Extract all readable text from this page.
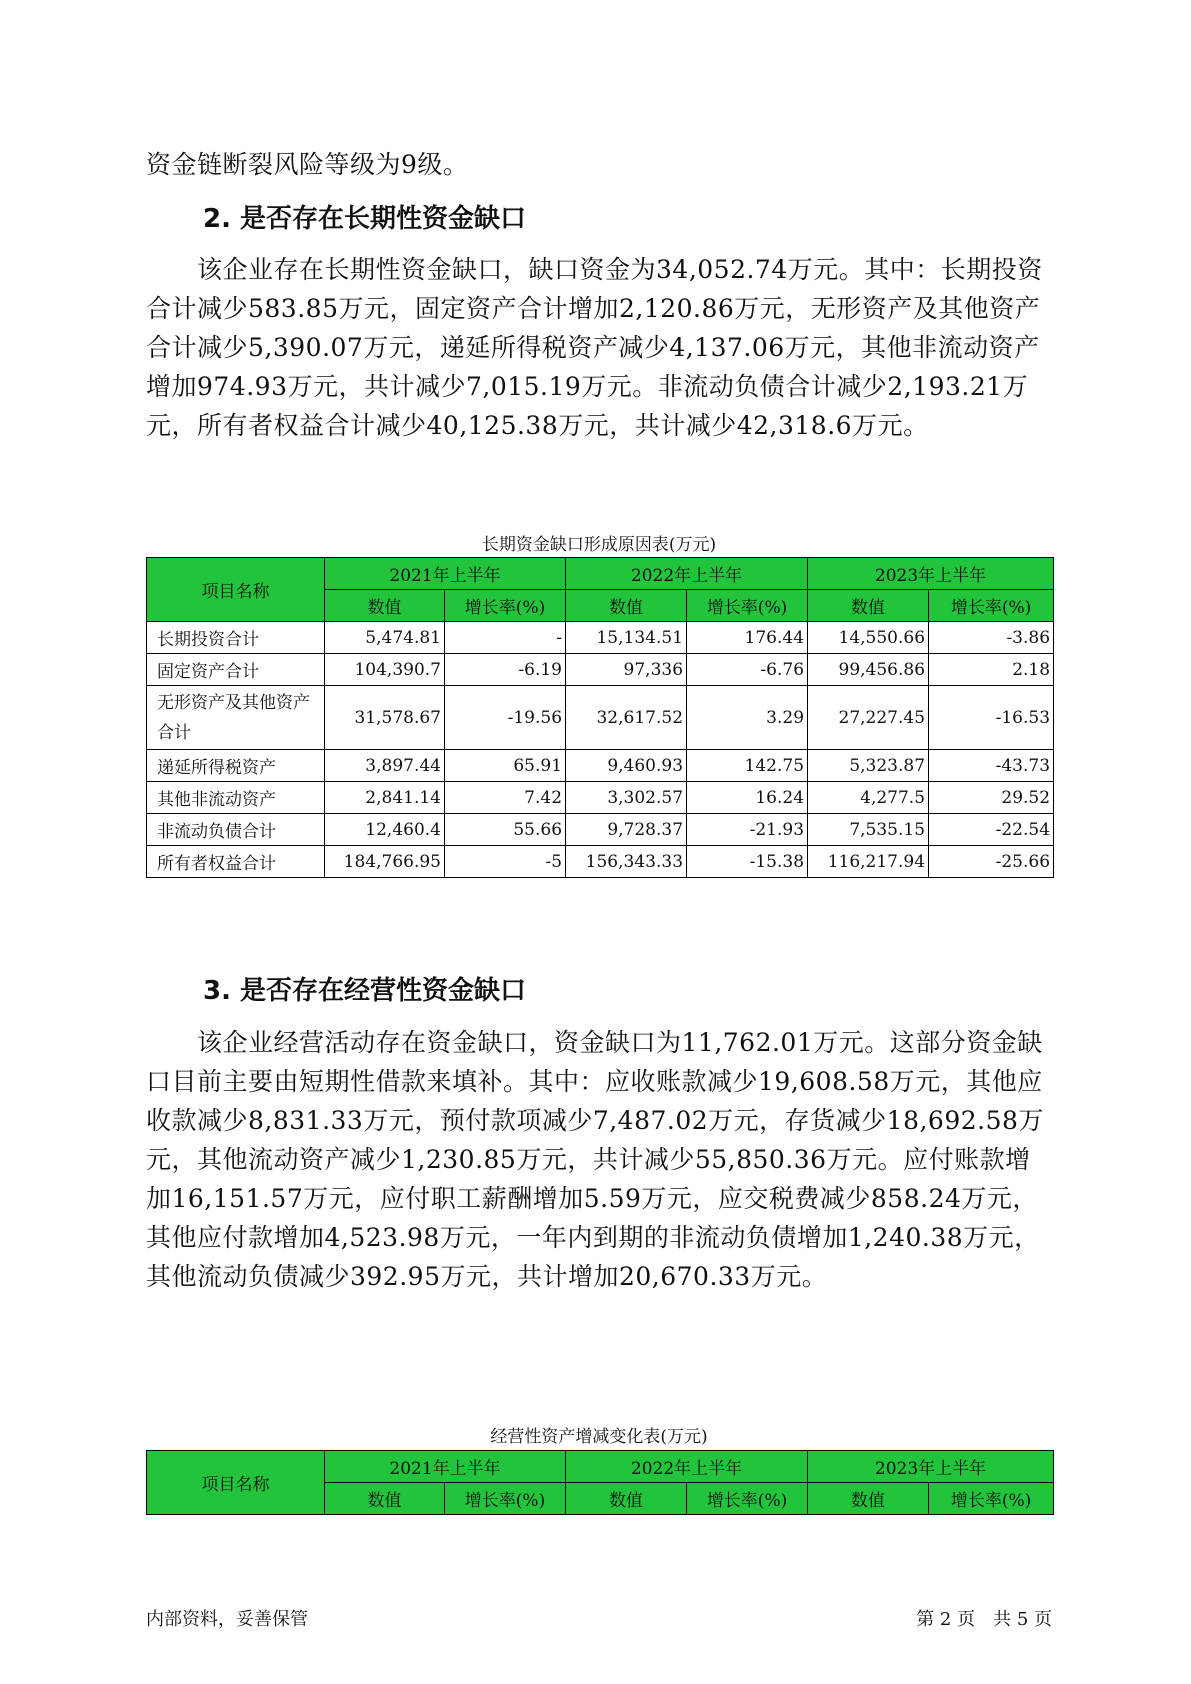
资金链断裂风险等级为9级。

2. 是否存在长期性资金缺口

　　该企业存在长期性资金缺口，缺口资金为34,052.74万元。其中：长期投资合计减少583.85万元，固定资产合计增加2,120.86万元，无形资产及其他资产合计减少5,390.07万元，递延所得税资产减少4,137.06万元，其他非流动资产增加974.93万元，共计减少7,015.19万元。非流动负债合计减少2,193.21万元，所有者权益合计减少40,125.38万元，共计减少42,318.6万元。

长期资金缺口形成原因表(万元)

项目名称	2021年上半年		2022年上半年		2023年上半年	
	数值	增长率(%)	数值	增长率(%)	数值	增长率(%)
长期投资合计	5,474.81	-	15,134.51	176.44	14,550.66	-3.86
固定资产合计	104,390.7	-6.19	97,336	-6.76	99,456.86	2.18
无形资产及其他资产合计	31,578.67	-19.56	32,617.52	3.29	27,227.45	-16.53
递延所得税资产	3,897.44	65.91	9,460.93	142.75	5,323.87	-43.73
其他非流动资产	2,841.14	7.42	3,302.57	16.24	4,277.5	29.52
非流动负债合计	12,460.4	55.66	9,728.37	-21.93	7,535.15	-22.54
所有者权益合计	184,766.95	-5	156,343.33	-15.38	116,217.94	-25.66
3. 是否存在经营性资金缺口

　　该企业经营活动存在资金缺口，资金缺口为11,762.01万元。这部分资金缺口目前主要由短期性借款来填补。其中：应收账款减少19,608.58万元，其他应收款减少8,831.33万元，预付款项减少7,487.02万元，存货减少18,692.58万元，其他流动资产减少1,230.85万元，共计减少55,850.36万元。应付账款增加16,151.57万元，应付职工薪酬增加5.59万元，应交税费减少858.24万元，其他应付款增加4,523.98万元，一年内到期的非流动负债增加1,240.38万元，其他流动负债减少392.95万元，共计增加20,670.33万元。

经营性资产增减变化表(万元)

项目名称	2021年上半年		2022年上半年		2023年上半年	
	数值	增长率(%)	数值	增长率(%)	数值	增长率(%)
内部资料，妥善保管	第 2 页　共 5 页
